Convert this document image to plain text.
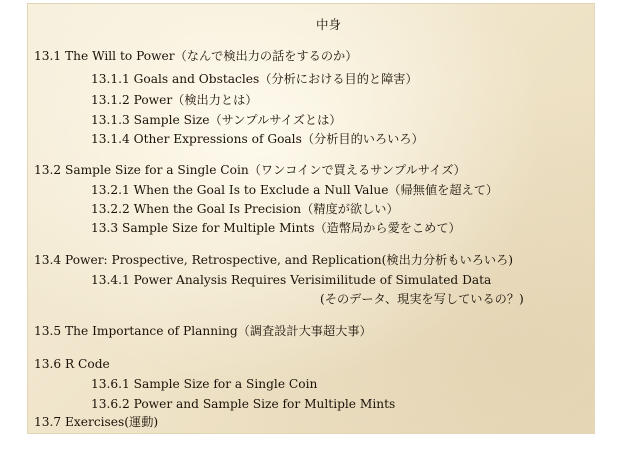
中身
13.1 The Will to Power（なんで検出力の話をするのか）
13.1.1 Goals and Obstacles（分析における目的と障害）
13.1.2 Power（検出力とは）
13.1.3 Sample Size（サンプルサイズとは）
13.1.4 Other Expressions of Goals（分析目的いろいろ）
13.2 Sample Size for a Single Coin（ワンコインで買えるサンプルサイズ）
13.2.1 When the Goal Is to Exclude a Null Value（帰無値を超えて）
13.2.2 When the Goal Is Precision（精度が欲しい）
13.3 Sample Size for Multiple Mints（造幣局から愛をこめて）
13.4 Power: Prospective, Retrospective, and Replication(検出力分析もいろいろ)
13.4.1 Power Analysis Requires Verisimilitude of Simulated Data
(そのデータ、現実を写しているの？)
13.5 The Importance of Planning（調査設計大事超大事）
13.6 R Code
13.6.1 Sample Size for a Single Coin
13.6.2 Power and Sample Size for Multiple Mints
13.7 Exercises(運動)
